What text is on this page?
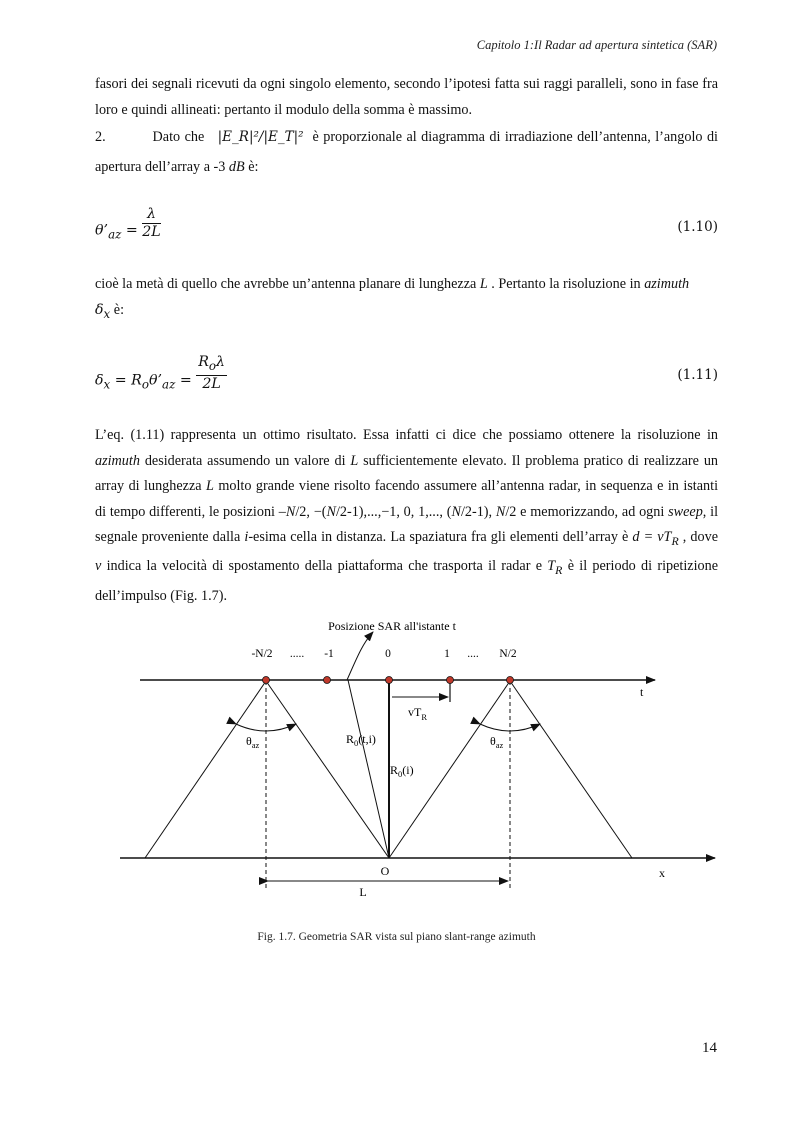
Capitolo 1:Il Radar ad apertura sintetica (SAR)

fasori dei segnali ricevuti da ogni singolo elemento, secondo l’ipotesi fatta sui raggi paralleli, sono in fase fra loro e quindi allineati: pertanto il modulo della somma è massimo.

2.	Dato che |E_R|²/|E_T|² è proporzionale al diagramma di irradiazione dell’antenna, l’angolo di apertura dell’array a -3 dB è:

$\theta’_{az} = \frac{\lambda}{2L}$	(1.10)

cioè la metà di quello che avrebbe un’antenna planare di lunghezza L . Pertanto la risoluzione in azimuth
$\delta_x$ è:

$\delta_x$ = $R_o\theta’_{az} = \frac{R_o\lambda}{2L}$	(1.11)

L’eq. (1.11) rappresenta un ottimo risultato. Essa infatti ci dice che possiamo ottenere la risoluzione in azimuth desiderata assumendo un valore di L sufficientemente elevato. Il problema pratico di realizzare un array di lunghezza L molto grande viene risolto facendo assumere all’antenna radar, in sequenza e in istanti di tempo differenti, le posizioni –N/2, −(N/2-1),...,−1, 0, 1,..., (N/2-1), N/2 e memorizzando, ad ogni sweep, il segnale proveniente dalla i-esima cella in distanza. La spaziatura fra gli elementi dell’array è $d = vT_R$ , dove v indica la velocità di spostamento della piattaforma che trasporta il radar e $T_R$ è il periodo di ripetizione dell’impulso (Fig. 1.7).

Posizione SAR all'istante t
-N/2 ..... -1	0	1 .... N/2
t
x
$vT_R$
$\theta_{az}$	$\theta_{az}$
$R_0(t,i)$
$R_0(i)$
O
L
Fig. 1.7. Geometria SAR vista sul piano slant-range azimuth
14
